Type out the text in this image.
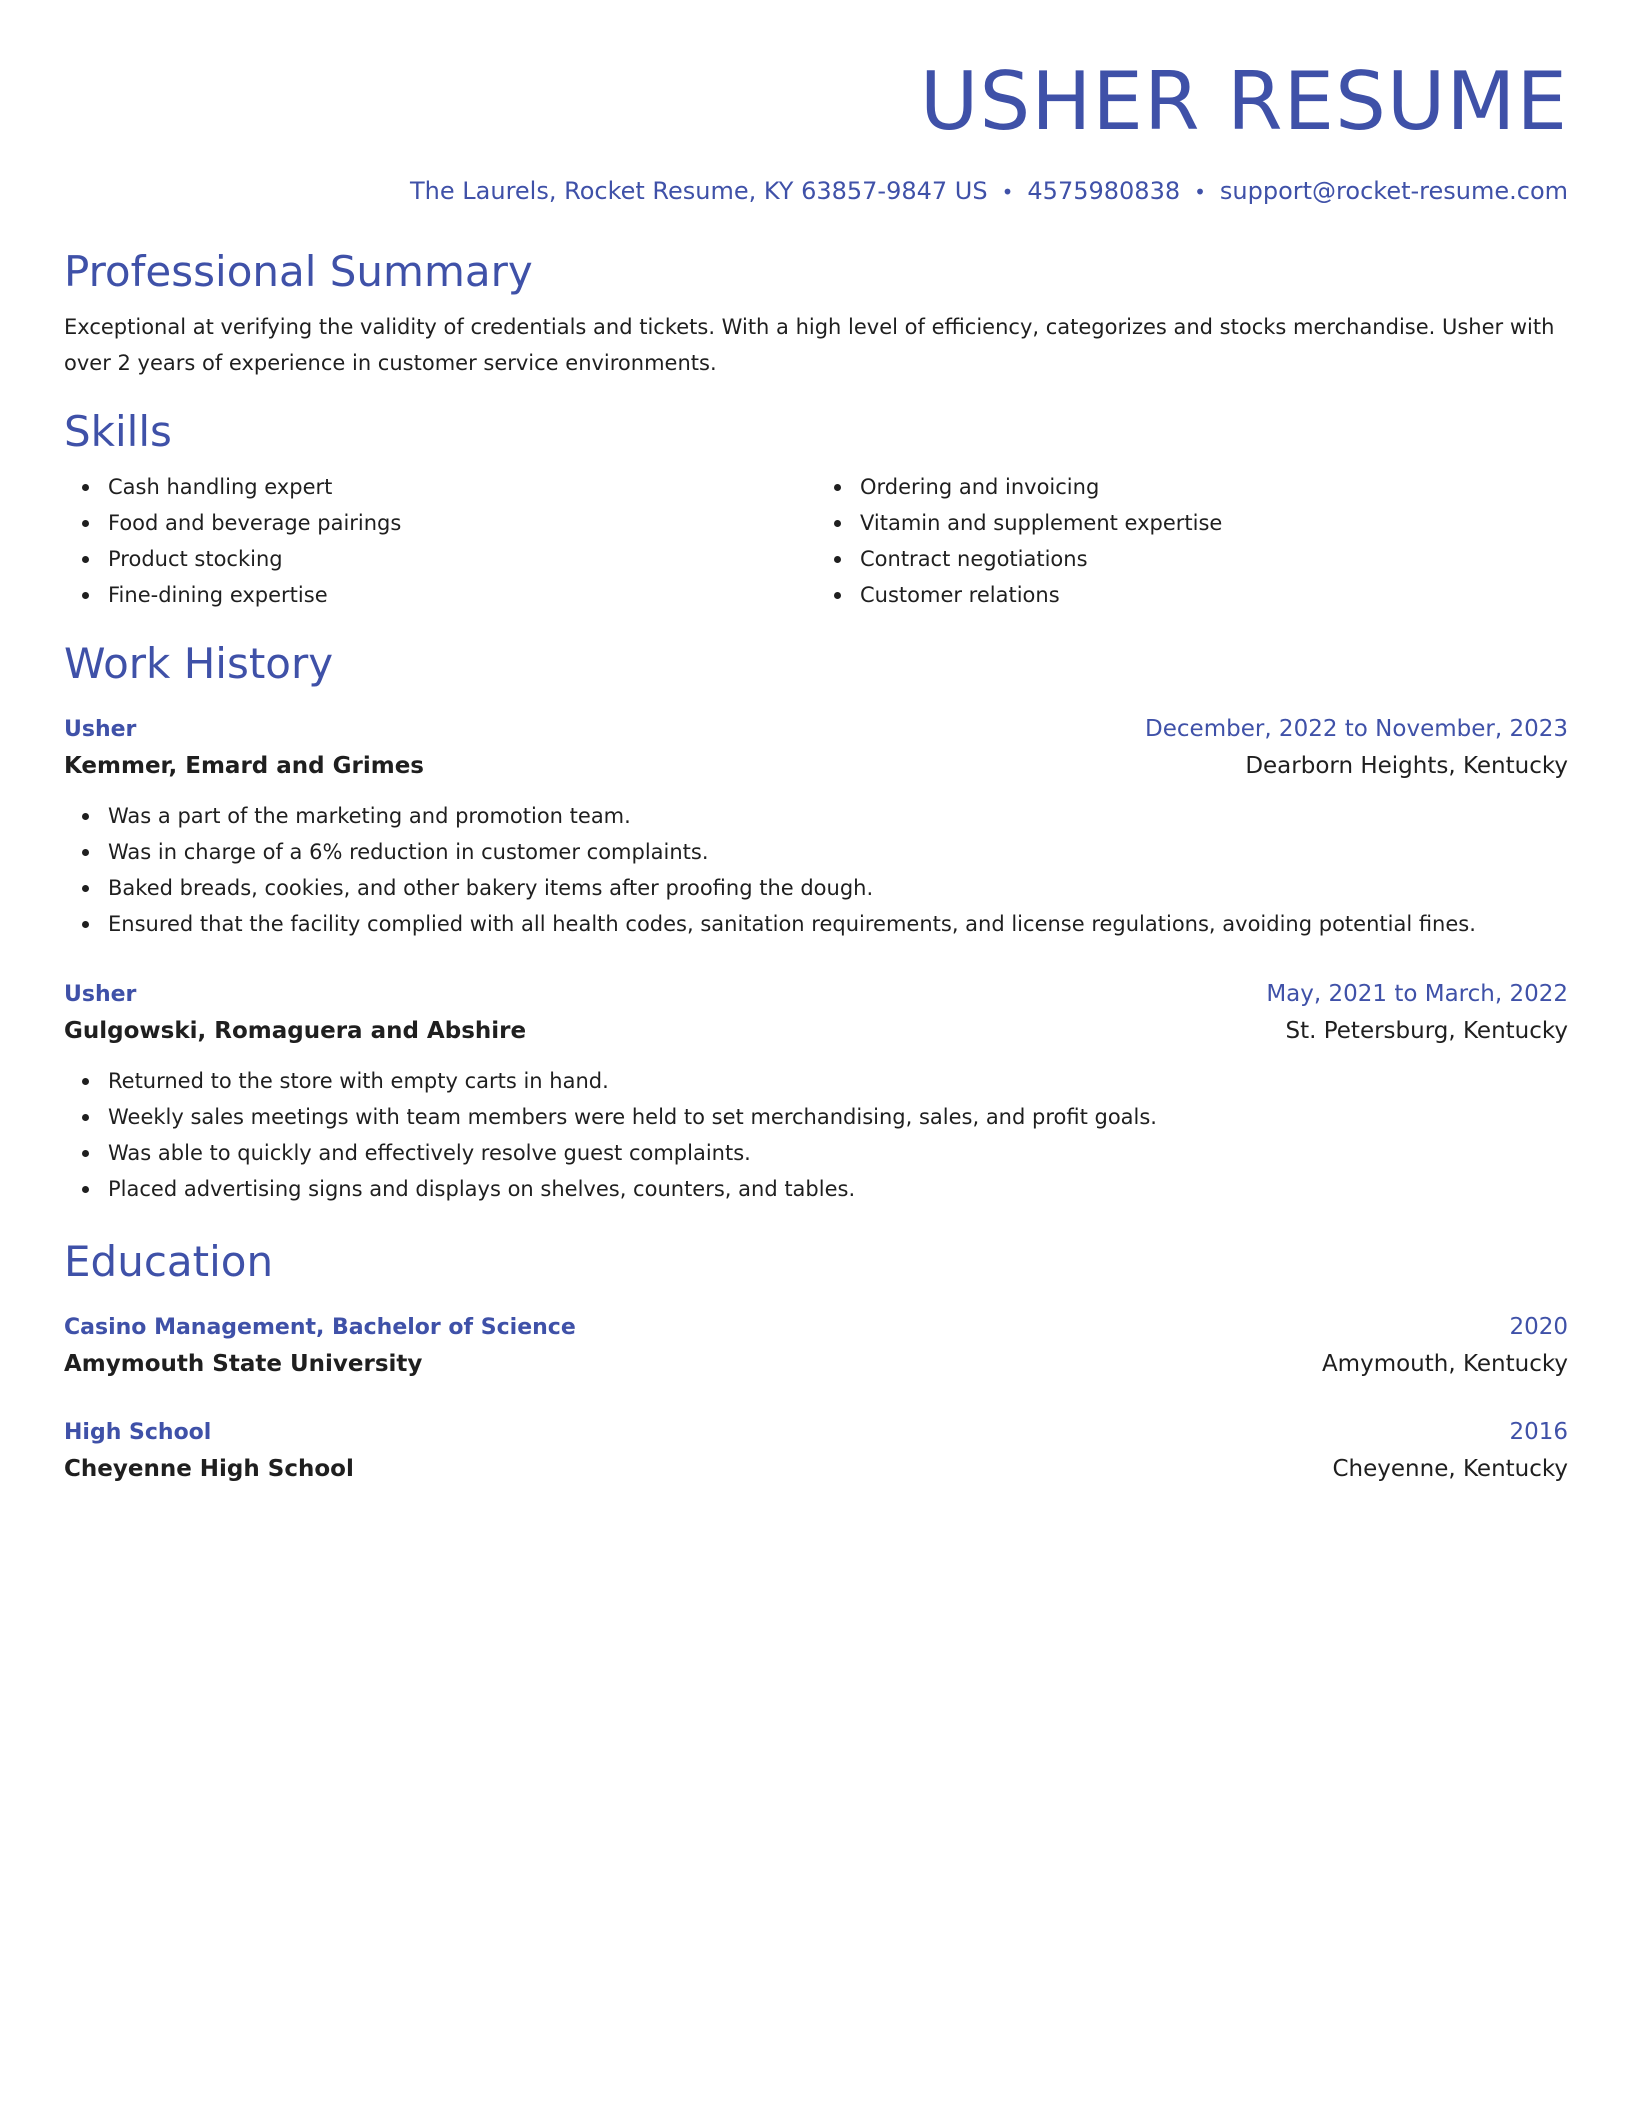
USHER RESUME
The Laurels, Rocket Resume, KY 63857-9847 US • 4575980838 • support@rocket-resume.com
Professional Summary
Exceptional at verifying the validity of credentials and tickets. With a high level of efficiency, categorizes and stocks merchandise. Usher with over 2 years of experience in customer service environments.
Skills
Cash handling expert
Food and beverage pairings
Product stocking
Fine-dining expertise
Ordering and invoicing
Vitamin and supplement expertise
Contract negotiations
Customer relations
Work History
Usher	December, 2022 to November, 2023
Kemmer, Emard and Grimes	Dearborn Heights, Kentucky
Was a part of the marketing and promotion team.
Was in charge of a 6% reduction in customer complaints.
Baked breads, cookies, and other bakery items after proofing the dough.
Ensured that the facility complied with all health codes, sanitation requirements, and license regulations, avoiding potential fines.
Usher	May, 2021 to March, 2022
Gulgowski, Romaguera and Abshire	St. Petersburg, Kentucky
Returned to the store with empty carts in hand.
Weekly sales meetings with team members were held to set merchandising, sales, and profit goals.
Was able to quickly and effectively resolve guest complaints.
Placed advertising signs and displays on shelves, counters, and tables.
Education
Casino Management, Bachelor of Science	2020
Amymouth State University	Amymouth, Kentucky
High School	2016
Cheyenne High School	Cheyenne, Kentucky
